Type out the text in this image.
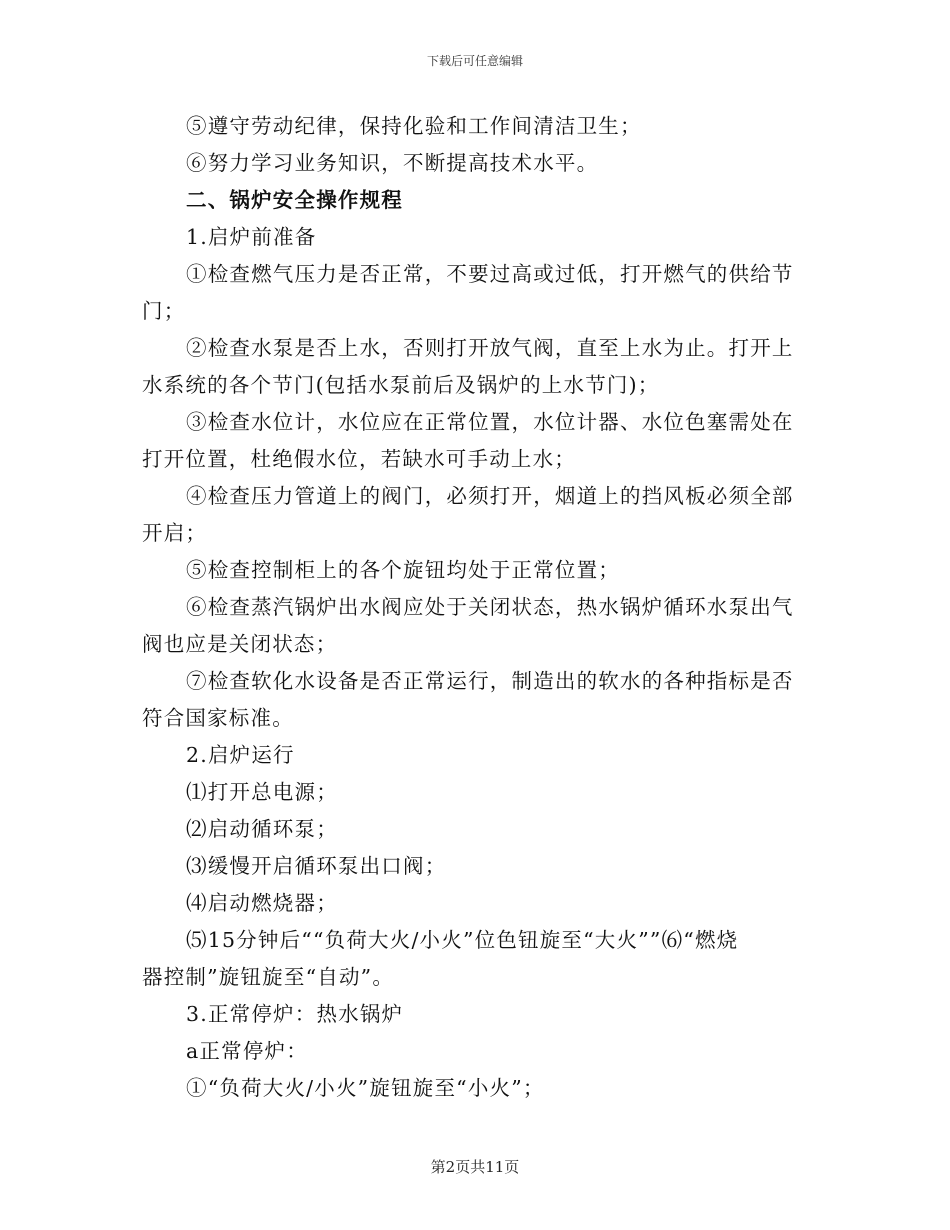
下载后可任意编辑
⑤遵守劳动纪律，保持化验和工作间清洁卫生；
⑥努力学习业务知识，不断提高技术水平。
二、锅炉安全操作规程
1.启炉前准备
①检查燃气压力是否正常，不要过高或过低，打开燃气的供给节
门；
②检查水泵是否上水，否则打开放气阀，直至上水为止。打开上
水系统的各个节门(包括水泵前后及锅炉的上水节门)；
③检查水位计，水位应在正常位置，水位计器、水位色塞需处在
打开位置，杜绝假水位，若缺水可手动上水；
④检查压力管道上的阀门，必须打开，烟道上的挡风板必须全部
开启；
⑤检查控制柜上的各个旋钮均处于正常位置；
⑥检查蒸汽锅炉出水阀应处于关闭状态，热水锅炉循环水泵出气
阀也应是关闭状态；
⑦检查软化水设备是否正常运行，制造出的软水的各种指标是否
符合国家标准。
2.启炉运行
⑴打开总电源；
⑵启动循环泵；
⑶缓慢开启循环泵出口阀；
⑷启动燃烧器；
⑸15分钟后““负荷大火/小火”位色钮旋至“大火””⑹“燃烧
器控制”旋钮旋至“自动”。
3.正常停炉：热水锅炉
a正常停炉：
①“负荷大火/小火”旋钮旋至“小火”；
第2页共11页
